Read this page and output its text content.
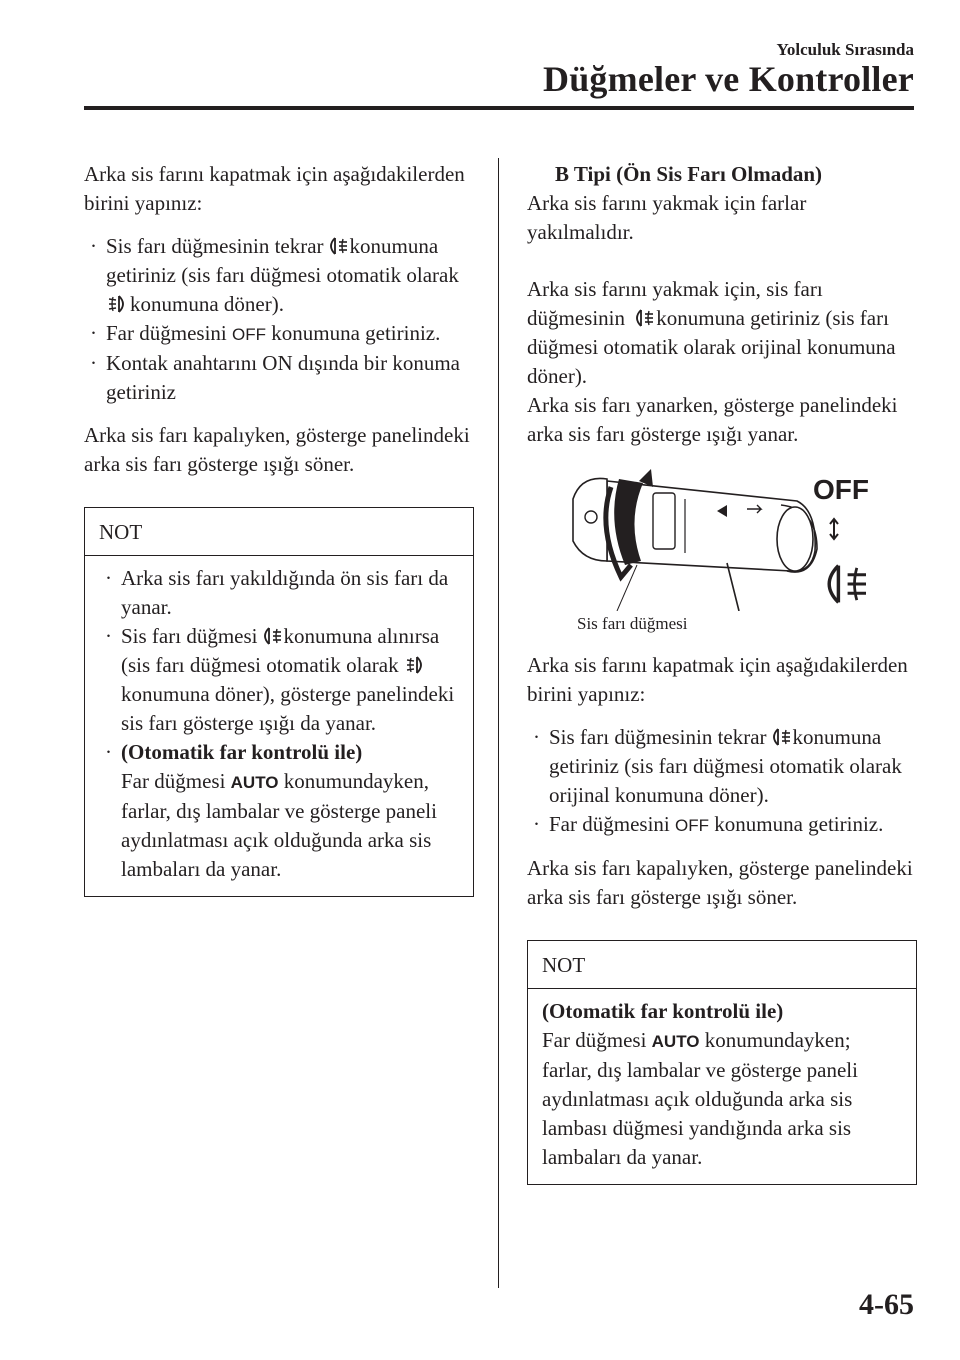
Yolculuk Sırasında
Düğmeler ve Kontroller

Arka sis farını kapatmak için aşağıdakilerden birini yapınız:

· Sis farı düğmesinin tekrar konumuna getiriniz (sis farı düğmesi otomatik olarak konumuna döner).
· Far düğmesini OFF konumuna getiriniz.
· Kontak anahtarını ON dışında bir konuma getiriniz

Arka sis farı kapalıyken, gösterge panelindeki arka sis farı gösterge ışığı söner.

NOT
· Arka sis farı yakıldığında ön sis farı da yanar.
· Sis farı düğmesi konumuna alınırsa (sis farı düğmesi otomatik olarak konumuna döner), gösterge panelindeki sis farı gösterge ışığı da yanar.
· (Otomatik far kontrolü ile)
Far düğmesi AUTO konumundayken, farlar, dış lambalar ve gösterge paneli aydınlatması açık olduğunda arka sis lambaları da yanar.

B Tipi (Ön Sis Farı Olmadan)

Arka sis farını yakmak için farlar yakılmalıdır.

Arka sis farını yakmak için, sis farı düğmesinin konumuna getiriniz (sis farı düğmesi otomatik olarak orijinal konumuna döner).

Arka sis farı yanarken, gösterge panelindeki arka sis farı gösterge ışığı yanar.

OFF
Sis farı düğmesi

Arka sis farını kapatmak için aşağıdakilerden birini yapınız:

· Sis farı düğmesinin tekrar konumuna getiriniz (sis farı düğmesi otomatik olarak orijinal konumuna döner).
· Far düğmesini OFF konumuna getiriniz.

Arka sis farı kapalıyken, gösterge panelindeki arka sis farı gösterge ışığı söner.

NOT

(Otomatik far kontrolü ile)

Far düğmesi AUTO konumundayken; farlar, dış lambalar ve gösterge paneli aydınlatması açık olduğunda arka sis lambası düğmesi yandığında arka sis lambaları da yanar.

4-65
